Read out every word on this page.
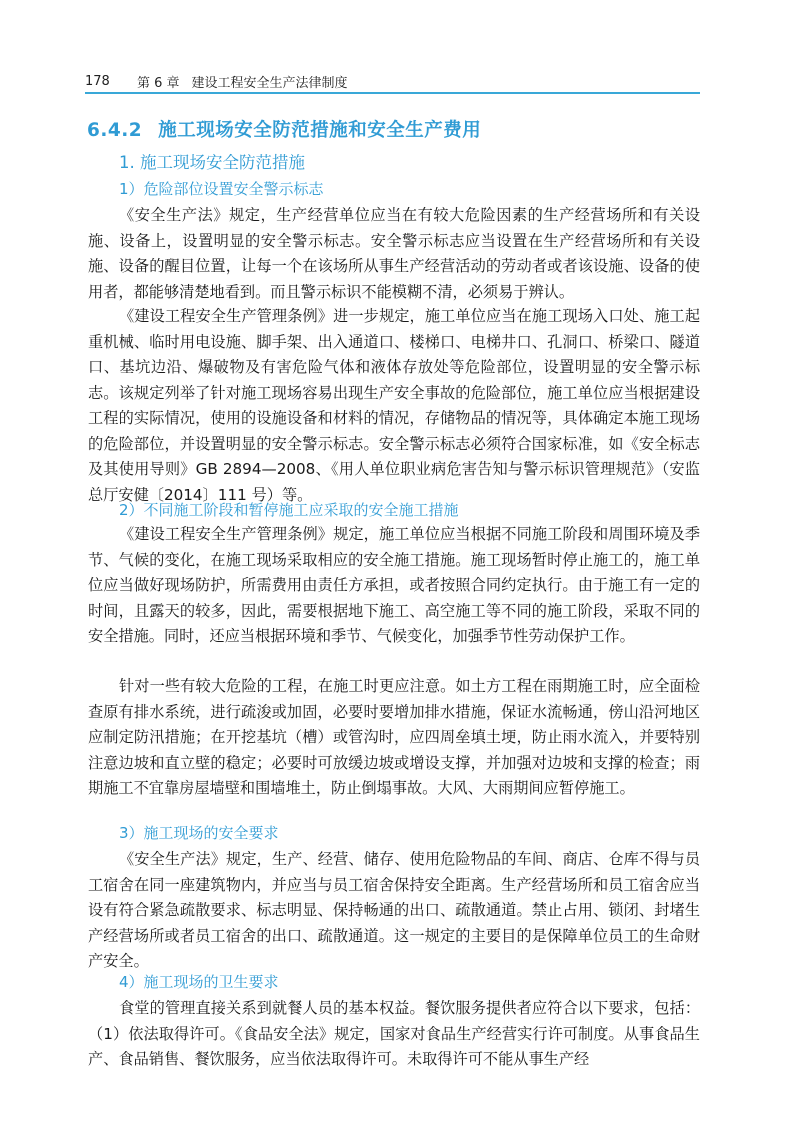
178	第 6 章 建设工程安全生产法律制度
6.4.2 施工现场安全防范措施和安全生产费用
1. 施工现场安全防范措施
1）危险部位设置安全警示标志
《安全生产法》规定，生产经营单位应当在有较大危险因素的生产经营场所和有关设施、设备上，设置明显的安全警示标志。安全警示标志应当设置在生产经营场所和有关设施、设备的醒目位置，让每一个在该场所从事生产经营活动的劳动者或者该设施、设备的使用者，都能够清楚地看到。而且警示标识不能模糊不清，必须易于辨认。
《建设工程安全生产管理条例》进一步规定，施工单位应当在施工现场入口处、施工起重机械、临时用电设施、脚手架、出入通道口、楼梯口、电梯井口、孔洞口、桥梁口、隧道口、基坑边沿、爆破物及有害危险气体和液体存放处等危险部位，设置明显的安全警示标志。该规定列举了针对施工现场容易出现生产安全事故的危险部位，施工单位应当根据建设工程的实际情况，使用的设施设备和材料的情况，存储物品的情况等，具体确定本施工现场的危险部位，并设置明显的安全警示标志。安全警示标志必须符合国家标准，如《安全标志及其使用导则》GB 2894—2008、《用人单位职业病危害告知与警示标识管理规范》（安监总厅安健〔2014〕111 号）等。
2）不同施工阶段和暂停施工应采取的安全施工措施
《建设工程安全生产管理条例》规定，施工单位应当根据不同施工阶段和周围环境及季节、气候的变化，在施工现场采取相应的安全施工措施。施工现场暂时停止施工的，施工单位应当做好现场防护，所需费用由责任方承担，或者按照合同约定执行。由于施工有一定的时间，且露天的较多，因此，需要根据地下施工、高空施工等不同的施工阶段，采取不同的安全措施。同时，还应当根据环境和季节、气候变化，加强季节性劳动保护工作。
针对一些有较大危险的工程，在施工时更应注意。如土方工程在雨期施工时，应全面检查原有排水系统，进行疏浚或加固，必要时要增加排水措施，保证水流畅通，傍山沿河地区应制定防汛措施；在开挖基坑（槽）或管沟时，应四周垒填土埂，防止雨水流入，并要特别注意边坡和直立壁的稳定；必要时可放缓边坡或增设支撑，并加强对边坡和支撑的检查；雨期施工不宜靠房屋墙壁和围墙堆土，防止倒塌事故。大风、大雨期间应暂停施工。
3）施工现场的安全要求
《安全生产法》规定，生产、经营、储存、使用危险物品的车间、商店、仓库不得与员工宿舍在同一座建筑物内，并应当与员工宿舍保持安全距离。生产经营场所和员工宿舍应当设有符合紧急疏散要求、标志明显、保持畅通的出口、疏散通道。禁止占用、锁闭、封堵生产经营场所或者员工宿舍的出口、疏散通道。这一规定的主要目的是保障单位员工的生命财产安全。
4）施工现场的卫生要求
食堂的管理直接关系到就餐人员的基本权益。餐饮服务提供者应符合以下要求，包括：（1）依法取得许可。《食品安全法》规定，国家对食品生产经营实行许可制度。从事食品生产、食品销售、餐饮服务，应当依法取得许可。未取得许可不能从事生产经
